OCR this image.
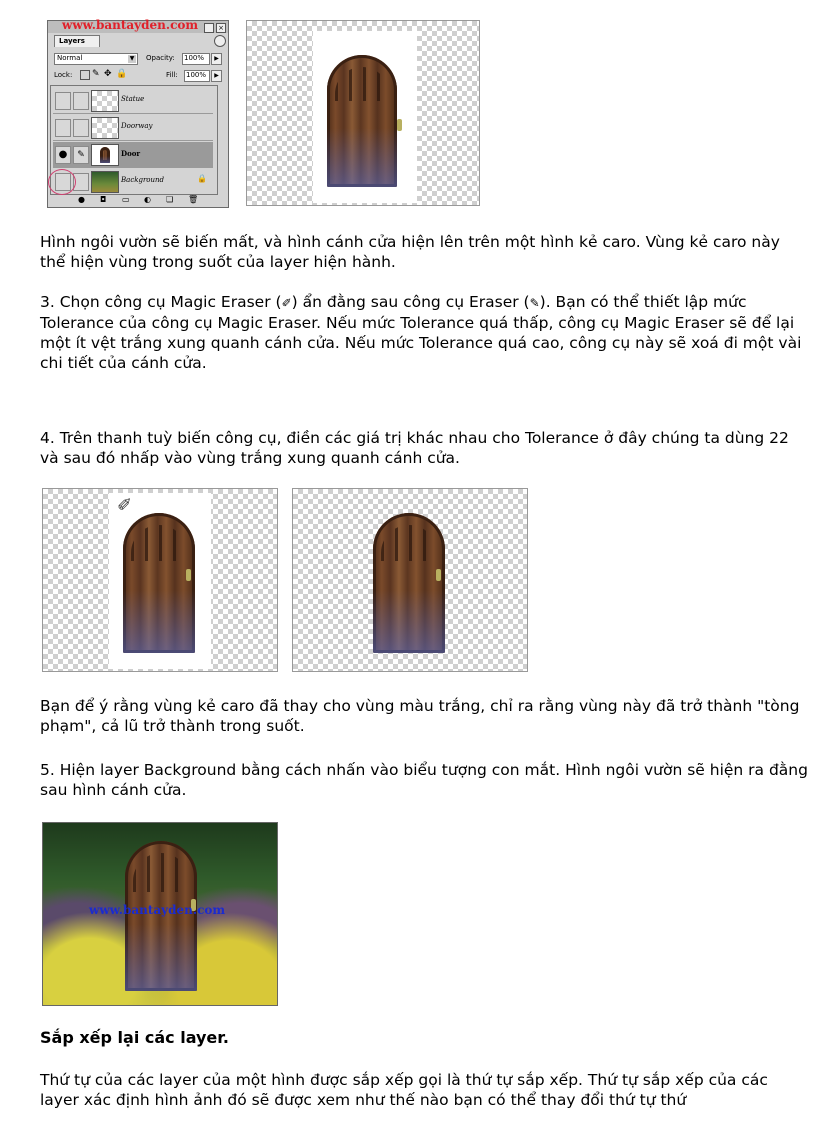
www.bantayden.com	×
Layers
Normal	▼ Opacity: 100%	▶
Lock: ✎ ✥ 🔒	Fill: 100%	▶
Statue
Doorway
●	✎	Door
Background	🔒
● ◘ ▭ ◐ ❏ 🗑

Hình ngôi vườn sẽ biến mất, và hình cánh cửa hiện lên trên một hình kẻ caro. Vùng kẻ caro này thể hiện vùng trong suốt của layer hiện hành.

3. Chọn công cụ Magic Eraser (✐) ẩn đằng sau công cụ Eraser (✎). Bạn có thể thiết lập mức Tolerance của công cụ Magic Eraser. Nếu mức Tolerance quá thấp, công cụ Magic Eraser sẽ để lại một ít vệt trắng xung quanh cánh cửa. Nếu mức Tolerance quá cao, công cụ này sẽ xoá đi một vài chi tiết của cánh cửa.

4. Trên thanh tuỳ biến công cụ, điền các giá trị khác nhau cho Tolerance ở đây chúng ta dùng 22 và sau đó nhấp vào vùng trắng xung quanh cánh cửa.

✐

Bạn để ý rằng vùng kẻ caro đã thay cho vùng màu trắng, chỉ ra rằng vùng này đã trở thành "tòng phạm", cả lũ trở thành trong suốt.

5. Hiện layer Background bằng cách nhấn vào biểu tượng con mắt. Hình ngôi vườn sẽ hiện ra đằng sau hình cánh cửa.

www.bantayden.com
Sắp xếp lại các layer.

Thứ tự của các layer của một hình được sắp xếp gọi là thứ tự sắp xếp. Thứ tự sắp xếp của các layer xác định hình ảnh đó sẽ được xem như thế nào bạn có thể thay đổi thứ tự thứ
